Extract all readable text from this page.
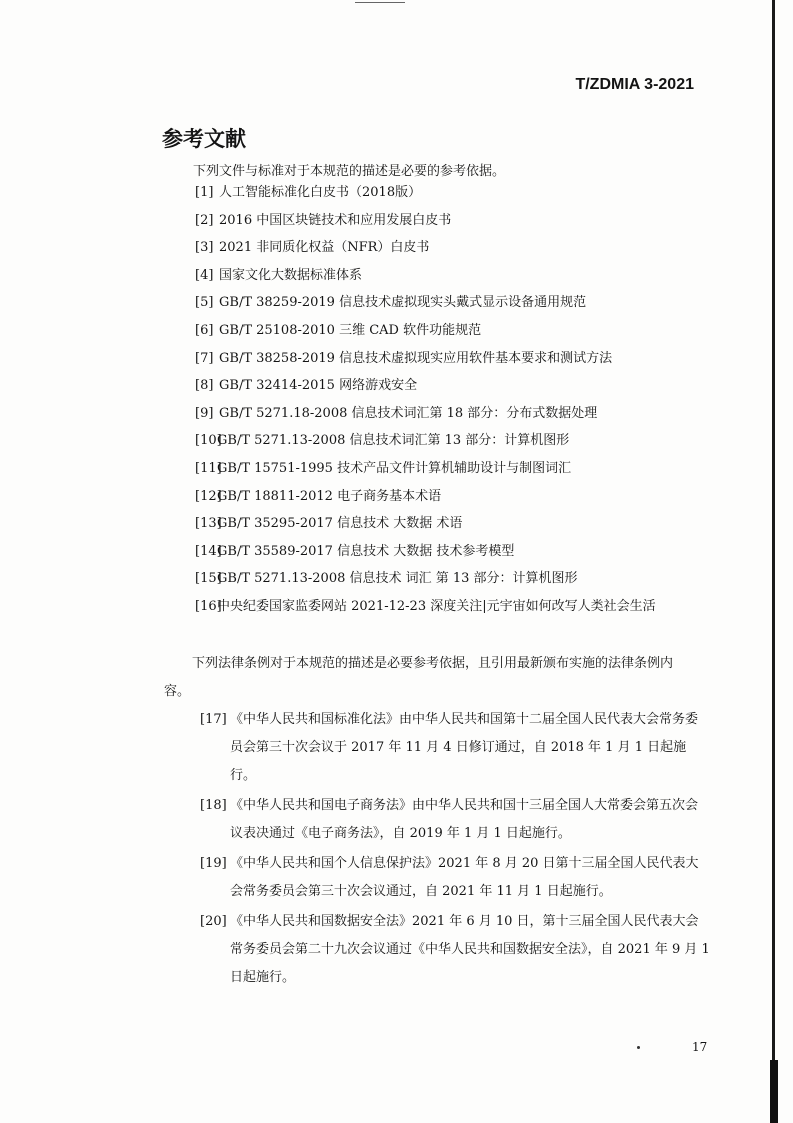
T/ZDMIA 3-2021
参考文献
下列文件与标准对于本规范的描述是必要的参考依据。
[1] 人工智能标准化白皮书（2018版）
[2] 2016 中国区块链技术和应用发展白皮书
[3] 2021 非同质化权益（NFR）白皮书
[4] 国家文化大数据标准体系
[5] GB/T 38259-2019 信息技术虚拟现实头戴式显示设备通用规范
[6] GB/T 25108-2010 三维 CAD 软件功能规范
[7] GB/T 38258-2019 信息技术虚拟现实应用软件基本要求和测试方法
[8] GB/T 32414-2015 网络游戏安全
[9] GB/T 5271.18-2008 信息技术词汇第 18 部分：分布式数据处理
[10]GB/T 5271.13-2008 信息技术词汇第 13 部分：计算机图形
[11]GB/T 15751-1995 技术产品文件计算机辅助设计与制图词汇
[12]GB/T 18811-2012 电子商务基本术语
[13]GB/T 35295-2017 信息技术 大数据 术语
[14]GB/T 35589-2017 信息技术 大数据 技术参考模型
[15]GB/T 5271.13-2008 信息技术 词汇 第 13 部分：计算机图形
[16]中央纪委国家监委网站 2021-12-23 深度关注|元宇宙如何改写人类社会生活
下列法律条例对于本规范的描述是必要参考依据，且引用最新颁布实施的法律条例内容。
[17] 《中华人民共和国标准化法》由中华人民共和国第十二届全国人民代表大会常务委员会第三十次会议于 2017 年 11 月 4 日修订通过，自 2018 年 1 月 1 日起施行。
[18] 《中华人民共和国电子商务法》由中华人民共和国十三届全国人大常委会第五次会议表决通过《电子商务法》，自 2019 年 1 月 1 日起施行。
[19] 《中华人民共和国个人信息保护法》2021 年 8 月 20 日第十三届全国人民代表大会常务委员会第三十次会议通过，自 2021 年 11 月 1 日起施行。
[20] 《中华人民共和国数据安全法》2021 年 6 月 10 日，第十三届全国人民代表大会常务委员会第二十九次会议通过《中华人民共和国数据安全法》，自 2021 年 9 月 1 日起施行。
17
